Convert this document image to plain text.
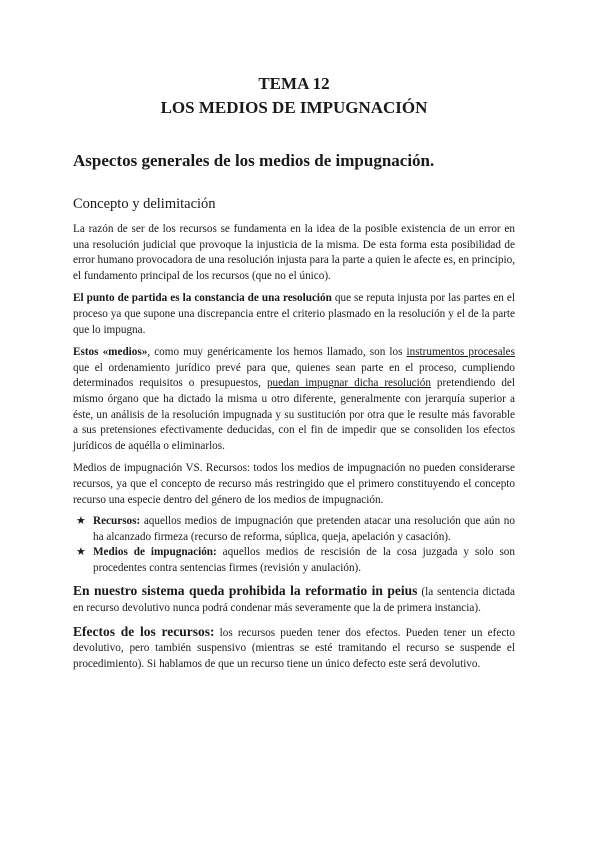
TEMA 12
LOS MEDIOS DE IMPUGNACIÓN
Aspectos generales de los medios de impugnación.
Concepto y delimitación

La razón de ser de los recursos se fundamenta en la idea de la posible existencia de un error en una resolución judicial que provoque la injusticia de la misma. De esta forma esta posibilidad de error humano provocadora de una resolución injusta para la parte a quien le afecte es, en principio, el fundamento principal de los recursos (que no el único).

El punto de partida es la constancia de una resolución que se reputa injusta por las partes en el proceso ya que supone una discrepancia entre el criterio plasmado en la resolución y el de la parte que lo impugna.

Estos «medios», como muy genéricamente los hemos llamado, son los instrumentos procesales que el ordenamiento jurídico prevé para que, quienes sean parte en el proceso, cumpliendo determinados requisitos o presupuestos, puedan impugnar dicha resolución pretendiendo del mismo órgano que ha dictado la misma u otro diferente, generalmente con jerarquía superior a éste, un análisis de la resolución impugnada y su sustitución por otra que le resulte más favorable a sus pretensiones efectivamente deducidas, con el fin de impedir que se consoliden los efectos jurídicos de aquélla o eliminarlos.

Medios de impugnación VS. Recursos: todos los medios de impugnación no pueden considerarse recursos, ya que el concepto de recurso más restringido que el primero constituyendo el concepto recurso una especie dentro del género de los medios de impugnación.

★ Recursos: aquellos medios de impugnación que pretenden atacar una resolución que aún no ha alcanzado firmeza (recurso de reforma, súplica, queja, apelación y casación).
★ Medios de impugnación: aquellos medios de rescisión de la cosa juzgada y solo son procedentes contra sentencias firmes (revisión y anulación).

En nuestro sistema queda prohibida la reformatio in peius (la sentencia dictada en recurso devolutivo nunca podrá condenar más severamente que la de primera instancia).

Efectos de los recursos: los recursos pueden tener dos efectos. Pueden tener un efecto devolutivo, pero también suspensivo (mientras se esté tramitando el recurso se suspende el procedimiento). Si hablamos de que un recurso tiene un único defecto este será devolutivo.
